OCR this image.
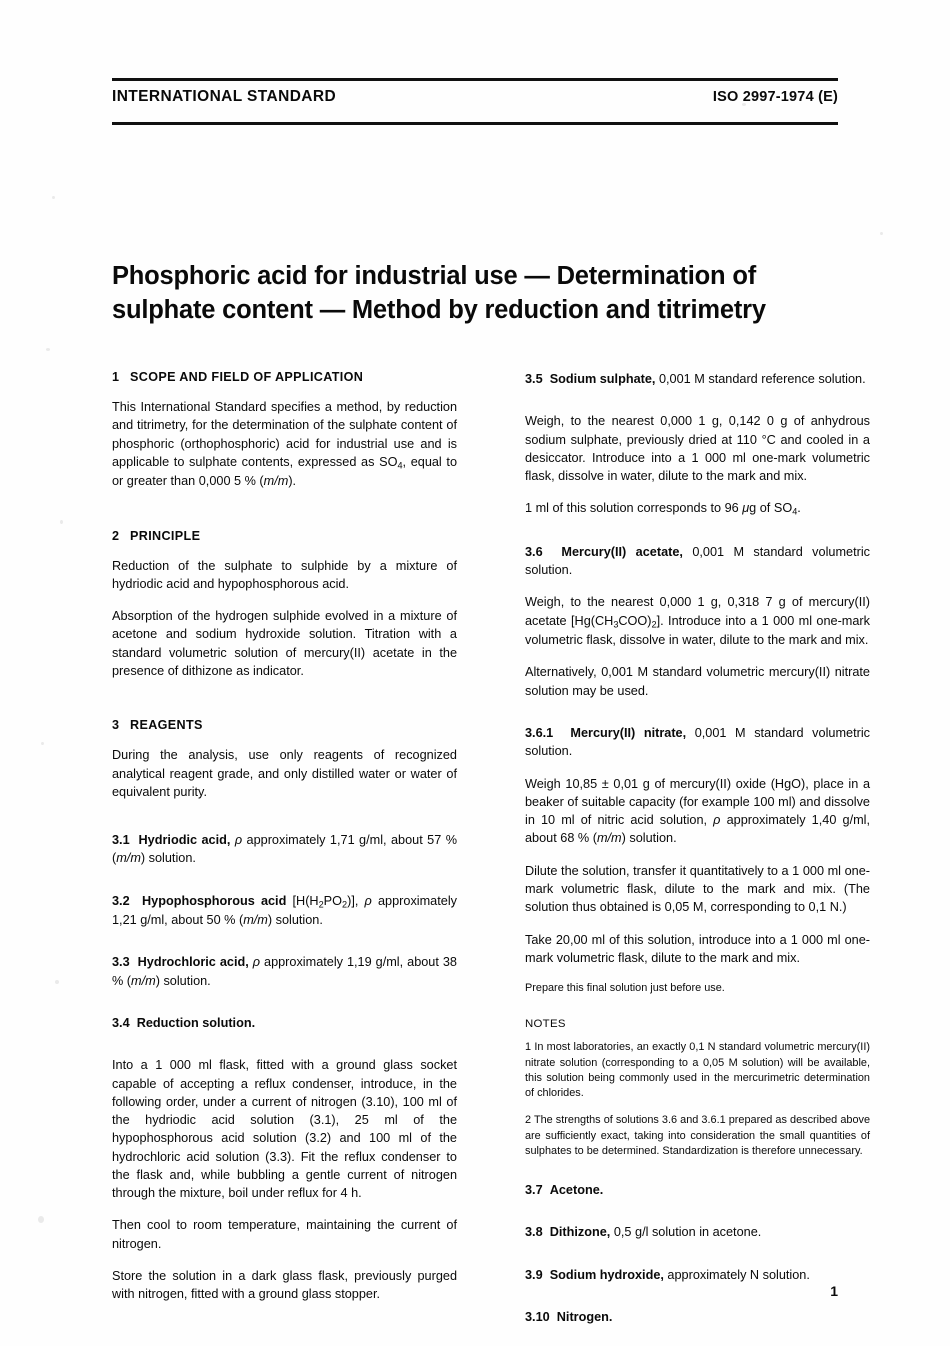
INTERNATIONAL STANDARD	ISO 2997-1974 (E)
Phosphoric acid for industrial use — Determination of sulphate content — Method by reduction and titrimetry
1 SCOPE AND FIELD OF APPLICATION

This International Standard specifies a method, by reduction and titrimetry, for the determination of the sulphate content of phosphoric (orthophosphoric) acid for industrial use and is applicable to sulphate contents, expressed as $SO_4$, equal to or greater than 0,000 5 % (m/m).

2 PRINCIPLE

Reduction of the sulphate to sulphide by a mixture of hydriodic acid and hypophosphorous acid.

Absorption of the hydrogen sulphide evolved in a mixture of acetone and sodium hydroxide solution. Titration with a standard volumetric solution of mercury(II) acetate in the presence of dithizone as indicator.

3 REAGENTS

During the analysis, use only reagents of recognized analytical reagent grade, and only distilled water or water of equivalent purity.

3.1 Hydriodic acid, ρ approximately 1,71 g/ml, about 57 % (m/m) solution.

3.2 Hypophosphorous acid $[H(H_2PO_2)]$, ρ approximately 1,21 g/ml, about 50 % (m/m) solution.

3.3 Hydrochloric acid, ρ approximately 1,19 g/ml, about 38 % (m/m) solution.

3.4 Reduction solution.

Into a 1 000 ml flask, fitted with a ground glass socket capable of accepting a reflux condenser, introduce, in the following order, under a current of nitrogen (3.10), 100 ml of the hydriodic acid solution (3.1), 25 ml of the hypophosphorous acid solution (3.2) and 100 ml of the hydrochloric acid solution (3.3). Fit the reflux condenser to the flask and, while bubbling a gentle current of nitrogen through the mixture, boil under reflux for 4 h.

Then cool to room temperature, maintaining the current of nitrogen.

Store the solution in a dark glass flask, previously purged with nitrogen, fitted with a ground glass stopper.

3.5 Sodium sulphate, 0,001 M standard reference solution.

Weigh, to the nearest 0,000 1 g, 0,142 0 g of anhydrous sodium sulphate, previously dried at 110 °C and cooled in a desiccator. Introduce into a 1 000 ml one-mark volumetric flask, dissolve in water, dilute to the mark and mix.

1 ml of this solution corresponds to 96 μg of $SO_4$.

3.6 Mercury(II) acetate, 0,001 M standard volumetric solution.

Weigh, to the nearest 0,000 1 g, 0,318 7 g of mercury(II) acetate $[Hg(CH_3COO)_2]$. Introduce into a 1 000 ml one-mark volumetric flask, dissolve in water, dilute to the mark and mix.

Alternatively, 0,001 M standard volumetric mercury(II) nitrate solution may be used.

3.6.1 Mercury(II) nitrate, 0,001 M standard volumetric solution.

Weigh 10,85 ± 0,01 g of mercury(II) oxide (HgO), place in a beaker of suitable capacity (for example 100 ml) and dissolve in 10 ml of nitric acid solution, ρ approximately 1,40 g/ml, about 68 % (m/m) solution.

Dilute the solution, transfer it quantitatively to a 1 000 ml one-mark volumetric flask, dilute to the mark and mix. (The solution thus obtained is 0,05 M, corresponding to 0,1 N.)

Take 20,00 ml of this solution, introduce into a 1 000 ml one-mark volumetric flask, dilute to the mark and mix.

Prepare this final solution just before use.

NOTES

1 In most laboratories, an exactly 0,1 N standard volumetric mercury(II) nitrate solution (corresponding to a 0,05 M solution) will be available, this solution being commonly used in the mercurimetric determination of chlorides.

2 The strengths of solutions 3.6 and 3.6.1 prepared as described above are sufficiently exact, taking into consideration the small quantities of sulphates to be determined. Standardization is therefore unnecessary.

3.7 Acetone.

3.8 Dithizone, 0,5 g/l solution in acetone.

3.9 Sodium hydroxide, approximately N solution.

3.10 Nitrogen.

1
